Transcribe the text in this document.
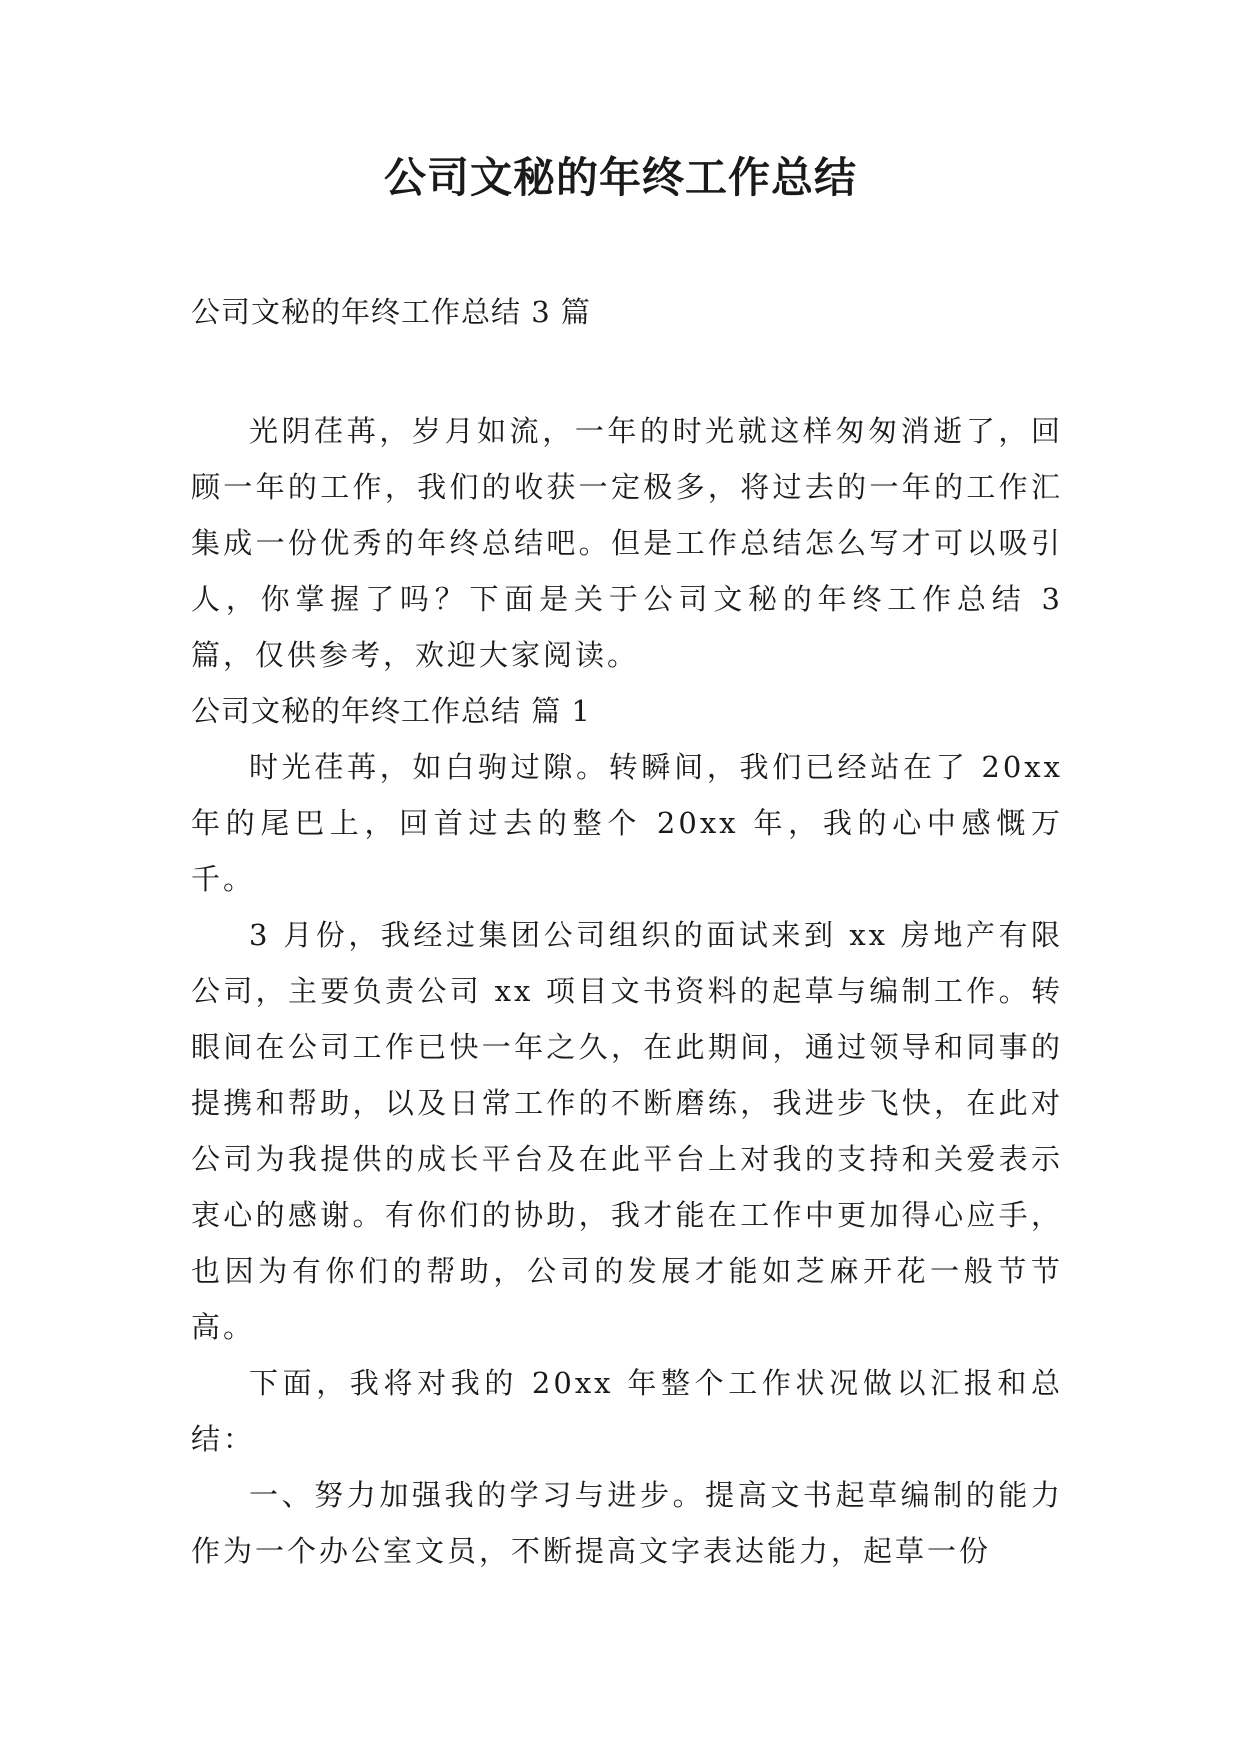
公司文秘的年终工作总结

公司文秘的年终工作总结 3 篇

光阴荏苒，岁月如流，一年的时光就这样匆匆消逝了，回顾一年的工作，我们的收获一定极多，将过去的一年的工作汇集成一份优秀的年终总结吧。但是工作总结怎么写才可以吸引人，你掌握了吗？下面是关于公司文秘的年终工作总结 3 篇，仅供参考，欢迎大家阅读。

公司文秘的年终工作总结 篇 1

时光荏苒，如白驹过隙。转瞬间，我们已经站在了 20xx 年的尾巴上，回首过去的整个 20xx 年，我的心中感慨万千。

3 月份，我经过集团公司组织的面试来到 xx 房地产有限公司，主要负责公司 xx 项目文书资料的起草与编制工作。转眼间在公司工作已快一年之久，在此期间，通过领导和同事的提携和帮助，以及日常工作的不断磨练，我进步飞快，在此对公司为我提供的成长平台及在此平台上对我的支持和关爱表示衷心的感谢。有你们的协助，我才能在工作中更加得心应手，也因为有你们的帮助，公司的发展才能如芝麻开花一般节节高。

下面，我将对我的 20xx 年整个工作状况做以汇报和总结：

一、努力加强我的学习与进步。提高文书起草编制的能力作为一个办公室文员，不断提高文字表达能力，起草一份
